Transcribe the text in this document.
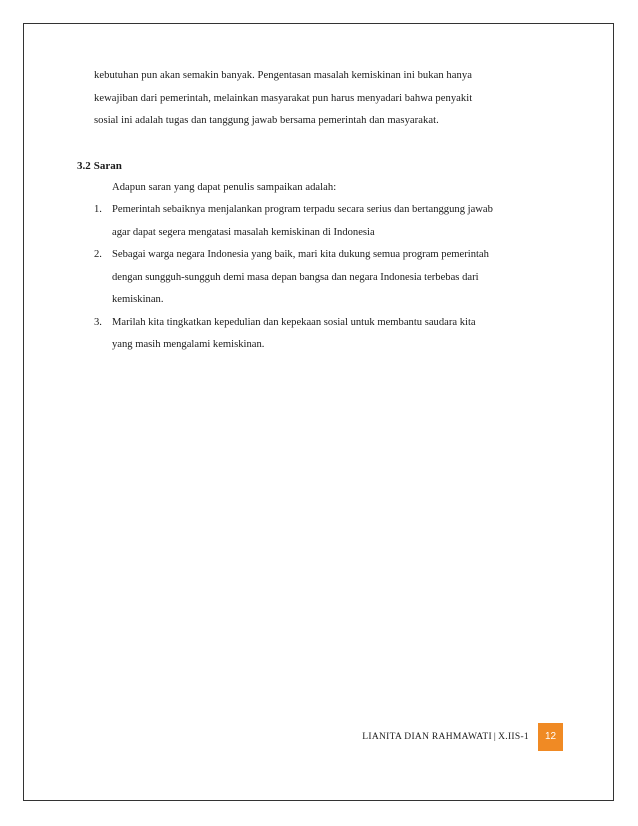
kebutuhan pun akan semakin banyak. Pengentasan masalah kemiskinan ini bukan hanya
kewajiban dari pemerintah, melainkan masyarakat pun harus menyadari bahwa penyakit
sosial ini adalah tugas dan tanggung jawab bersama pemerintah dan masyarakat.
3.2 Saran
Adapun saran yang dapat penulis sampaikan adalah:
1. Pemerintah sebaiknya menjalankan program terpadu secara serius dan bertanggung jawab
agar dapat segera mengatasi masalah kemiskinan di Indonesia
2. Sebagai warga negara Indonesia yang baik, mari kita dukung semua program pemerintah
dengan sungguh-sungguh demi masa depan bangsa dan negara Indonesia terbebas dari
kemiskinan.
3. Marilah kita tingkatkan kepedulian dan kepekaan sosial untuk membantu saudara kita
yang masih mengalami kemiskinan.
LIANITA DIAN RAHMAWATI | X.IIS-1	12
